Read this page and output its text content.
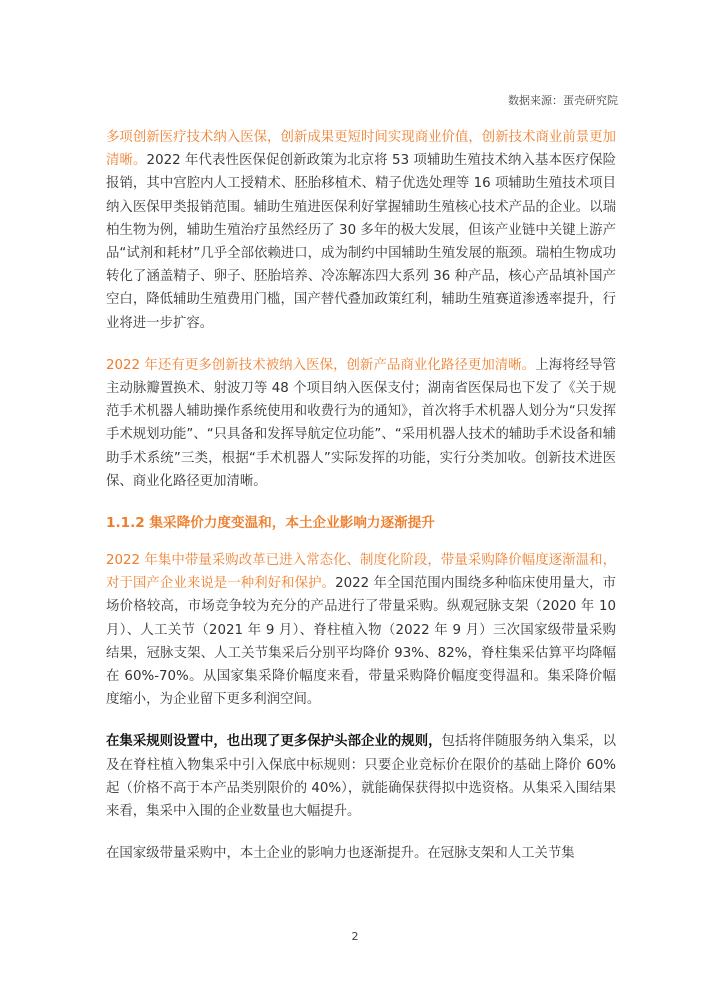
数据来源：蛋壳研究院

多项创新医疗技术纳入医保，创新成果更短时间实现商业价值，创新技术商业前景更加清晰。2022 年代表性医保促创新政策为北京将 53 项辅助生殖技术纳入基本医疗保险报销，其中宫腔内人工授精术、胚胎移植术、精子优选处理等 16 项辅助生殖技术项目纳入医保甲类报销范围。辅助生殖进医保利好掌握辅助生殖核心技术产品的企业。以瑞柏生物为例，辅助生殖治疗虽然经历了 30 多年的极大发展，但该产业链中关键上游产品“试剂和耗材”几乎全部依赖进口，成为制约中国辅助生殖发展的瓶颈。瑞柏生物成功转化了涵盖精子、卵子、胚胎培养、冷冻解冻四大系列 36 种产品，核心产品填补国产空白，降低辅助生殖费用门槛，国产替代叠加政策红利，辅助生殖赛道渗透率提升，行业将进一步扩容。

2022 年还有更多创新技术被纳入医保，创新产品商业化路径更加清晰。上海将经导管主动脉瓣置换术、射波刀等 48 个项目纳入医保支付；湖南省医保局也下发了《关于规范手术机器人辅助操作系统使用和收费行为的通知》，首次将手术机器人划分为“只发挥手术规划功能”、“只具备和发挥导航定位功能”、“采用机器人技术的辅助手术设备和辅助手术系统”三类，根据“手术机器人”实际发挥的功能，实行分类加收。创新技术进医保、商业化路径更加清晰。

1.1.2 集采降价力度变温和，本土企业影响力逐渐提升

2022 年集中带量采购改革已进入常态化、制度化阶段，带量采购降价幅度逐渐温和，对于国产企业来说是一种利好和保护。2022 年全国范围内围绕多种临床使用量大，市场价格较高，市场竞争较为充分的产品进行了带量采购。纵观冠脉支架（2020 年 10 月）、人工关节（2021 年 9 月）、脊柱植入物（2022 年 9 月）三次国家级带量采购结果，冠脉支架、人工关节集采后分别平均降价 93%、82%，脊柱集采估算平均降幅在 60%-70%。从国家集采降价幅度来看，带量采购降价幅度变得温和。集采降价幅度缩小，为企业留下更多利润空间。

在集采规则设置中，也出现了更多保护头部企业的规则，包括将伴随服务纳入集采，以及在脊柱植入物集采中引入保底中标规则：只要企业竞标价在限价的基础上降价 60%起（价格不高于本产品类别限价的 40%），就能确保获得拟中选资格。从集采入围结果来看，集采中入围的企业数量也大幅提升。

在国家级带量采购中，本土企业的影响力也逐渐提升。在冠脉支架和人工关节集

2
